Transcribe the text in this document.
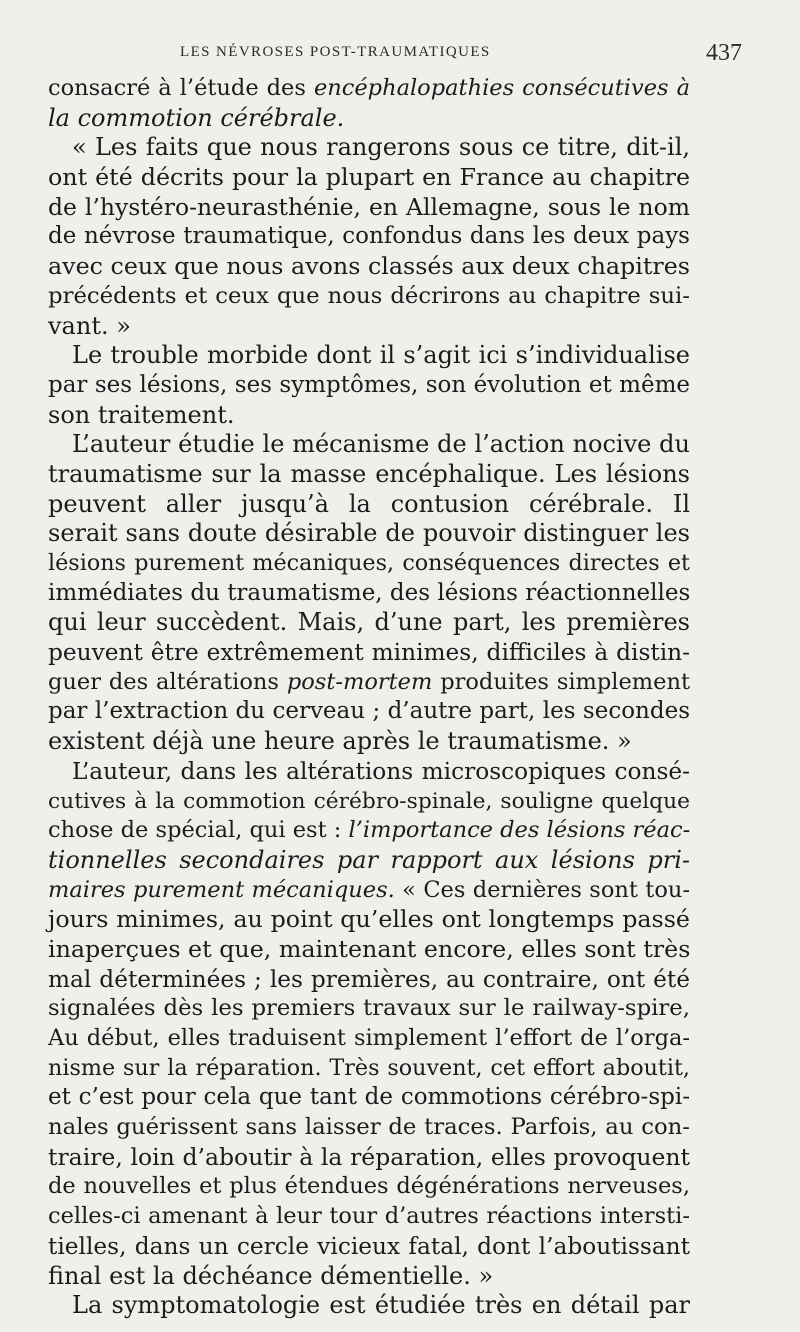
LES NÉVROSES POST-TRAUMATIQUES	437
consacré à l’étude des encéphalopathies consécutives à
la commotion cérébrale.
« Les faits que nous rangerons sous ce titre, dit-il,
ont été décrits pour la plupart en France au chapitre
de l’hystéro-neurasthénie, en Allemagne, sous le nom
de névrose traumatique, confondus dans les deux pays
avec ceux que nous avons classés aux deux chapitres
précédents et ceux que nous décrirons au chapitre sui-
vant. »
Le trouble morbide dont il s’agit ici s’individualise
par ses lésions, ses symptômes, son évolution et même
son traitement.
L’auteur étudie le mécanisme de l’action nocive du
traumatisme sur la masse encéphalique. Les lésions
peuvent aller jusqu’à la contusion cérébrale. Il
serait sans doute désirable de pouvoir distinguer les
lésions purement mécaniques, conséquences directes et
immédiates du traumatisme, des lésions réactionnelles
qui leur succèdent. Mais, d’une part, les premières
peuvent être extrêmement minimes, difficiles à distin-
guer des altérations post-mortem produites simplement
par l’extraction du cerveau ; d’autre part, les secondes
existent déjà une heure après le traumatisme. »
L’auteur, dans les altérations microscopiques consé-
cutives à la commotion cérébro-spinale, souligne quelque
chose de spécial, qui est : l’importance des lésions réac-
tionnelles secondaires par rapport aux lésions pri-
maires purement mécaniques. « Ces dernières sont tou-
jours minimes, au point qu’elles ont longtemps passé
inaperçues et que, maintenant encore, elles sont très
mal déterminées ; les premières, au contraire, ont été
signalées dès les premiers travaux sur le railway-spire,
Au début, elles traduisent simplement l’effort de l’orga-
nisme sur la réparation. Très souvent, cet effort aboutit,
et c’est pour cela que tant de commotions cérébro-spi-
nales guérissent sans laisser de traces. Parfois, au con-
traire, loin d’aboutir à la réparation, elles provoquent
de nouvelles et plus étendues dégénérations nerveuses,
celles-ci amenant à leur tour d’autres réactions intersti-
tielles, dans un cercle vicieux fatal, dont l’aboutissant
final est la déchéance démentielle. »
La symptomatologie est étudiée très en détail par
